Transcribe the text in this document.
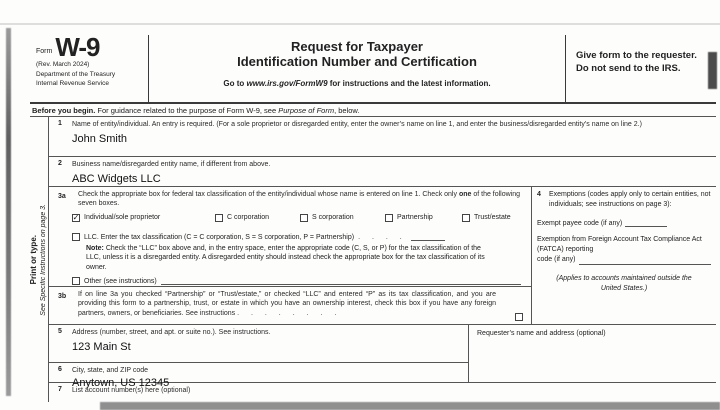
Form W-9
(Rev. March 2024)
Department of the Treasury
Internal Revenue Service
Request for Taxpayer
Identification Number and Certification
Go to www.irs.gov/FormW9 for instructions and the latest information.
Give form to the requester. Do not send to the IRS.
Before you begin. For guidance related to the purpose of Form W-9, see Purpose of Form, below.
Print or type. See Specific Instructions on page 3.
1 Name of entity/individual. An entry is required. (For a sole proprietor or disregarded entity, enter the owner’s name on line 1, and enter the business/disregarded entity’s name on line 2.)
John Smith
2 Business name/disregarded entity name, if different from above.
ABC Widgets LLC
3a Check the appropriate box for federal tax classification of the entity/individual whose name is entered on line 1. Check only one of the following seven boxes.
✓ Individual/sole proprietor	C corporation	S corporation	Partnership	Trust/estate
LLC. Enter the tax classification (C = C corporation, S = S corporation, P = Partnership) . . . .
Note: Check the “LLC” box above and, in the entry space, enter the appropriate code (C, S, or P) for the tax classification of the LLC, unless it is a disregarded entity. A disregarded entity should instead check the appropriate box for the tax classification of its owner.
Other (see instructions)
3b If on line 3a you checked “Partnership” or “Trust/estate,” or checked “LLC” and entered “P” as its tax classification, and you are providing this form to a partnership, trust, or estate in which you have an ownership interest, check this box if you have any foreign partners, owners, or beneficiaries. See instructions . . . . . . . .
4 Exemptions (codes apply only to certain entities, not individuals; see instructions on page 3):
Exempt payee code (if any)
Exemption from Foreign Account Tax Compliance Act (FATCA) reporting
code (if any)
(Applies to accounts maintained outside the United States.)
5 Address (number, street, and apt. or suite no.). See instructions.
123 Main St
Requester’s name and address (optional)
6 City, state, and ZIP code
Anytown, US 12345
7 List account number(s) here (optional)
